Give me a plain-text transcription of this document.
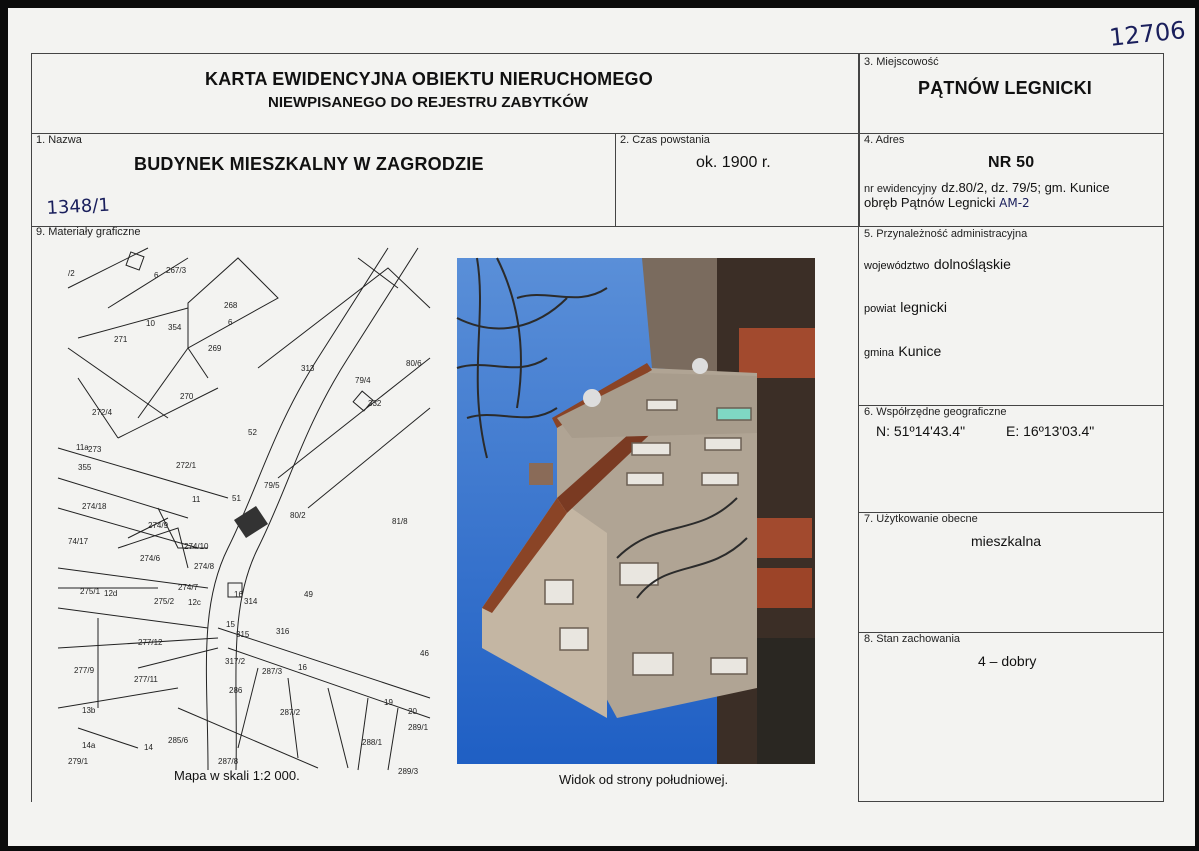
12706
KARTA EWIDENCYJNA OBIEKTU NIERUCHOMEGO
NIEWPISANEGO DO REJESTRU ZABYTKÓW
3. Miejscowość
PĄTNÓW LEGNICKI
1. Nazwa
BUDYNEK MIESZKALNY W ZAGRODZIE
1348/1
2. Czas powstania
ok. 1900 r.
4. Adres
NR 50
nr ewidencyjny dz.80/2, dz. 79/5; gm. Kunice
obręb Pątnów Legnicki AM-2
9. Materiały graficzne
/2	6
267/3
268
10 354
6
271
269
313
80/6
79/4
332
270
272/4
52
11a 273
355	272/1
79/5
274/18
11	51
80/2
81/8
274/9
74/17
274/10
274/6
274/8
275/1 12d
274/7
16
275/2 12c	314
49
15
277/12
315	316
46
317/2
277/9	287/3 16
277/11
286
13b	287/2
19
20
289/1
14a	14
285/6	288/1
279/1	287/8
289/3
Mapa w skali 1:2 000.	Widok od strony południowej.
5. Przynależność administracyjna
województwo dolnośląskie
powiat legnicki
gmina Kunice
6. Współrzędne geograficzne
N: 51º14'43.4"	E: 16º13'03.4"
7. Użytkowanie obecne
mieszkalna
8. Stan zachowania
4 – dobry
